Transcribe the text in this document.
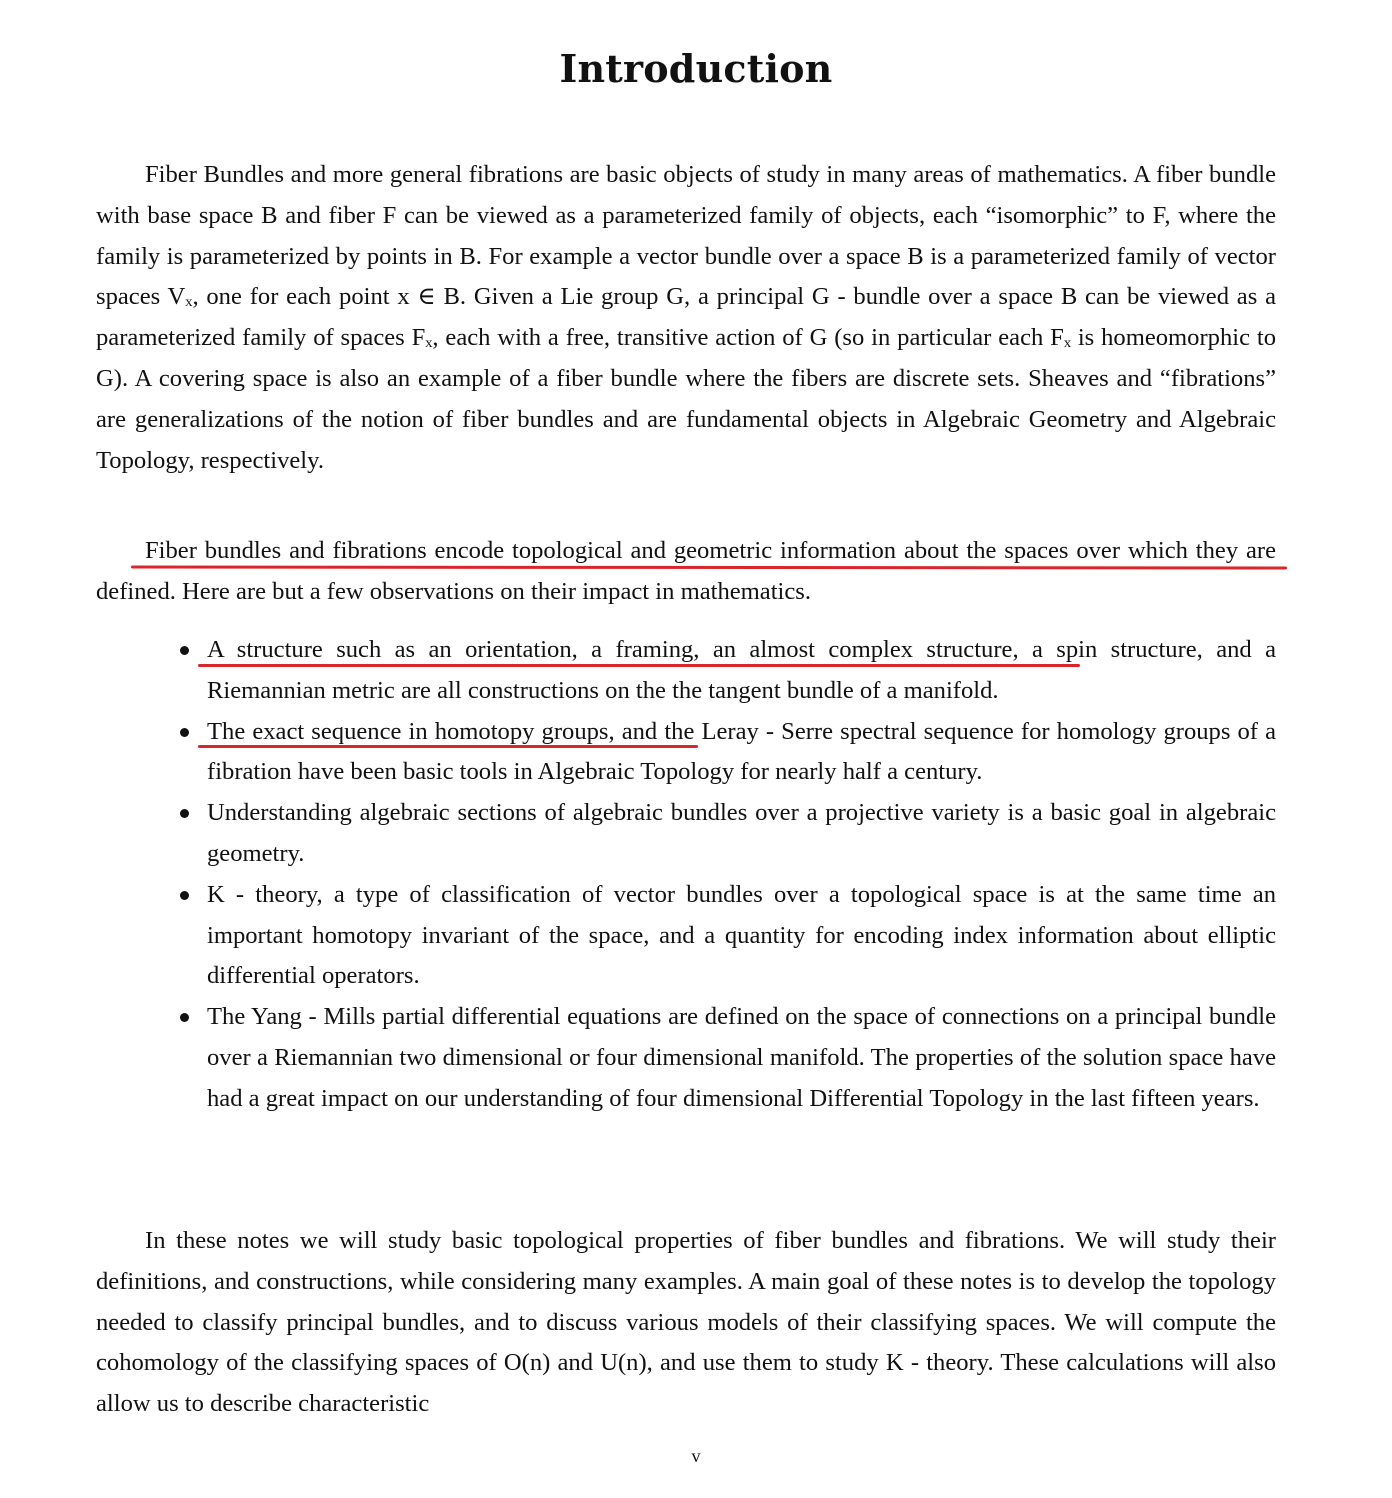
Introduction

Fiber Bundles and more general fibrations are basic objects of study in many areas of mathematics. A fiber bundle with base space B and fiber F can be viewed as a parameterized family of objects, each “isomorphic” to F, where the family is parameterized by points in B. For example a vector bundle over a space B is a parameterized family of vector spaces Vₓ, one for each point x ∈ B. Given a Lie group G, a principal G - bundle over a space B can be viewed as a parameterized family of spaces Fₓ, each with a free, transitive action of G (so in particular each Fₓ is homeomorphic to G). A covering space is also an example of a fiber bundle where the fibers are discrete sets. Sheaves and “fibrations” are generalizations of the notion of fiber bundles and are fundamental objects in Algebraic Geometry and Algebraic Topology, respectively.

Fiber bundles and fibrations encode topological and geometric information about the spaces over which they are defined. Here are but a few observations on their impact in mathematics.

A structure such as an orientation, a framing, an almost complex structure, a spin structure, and a Riemannian metric are all constructions on the the tangent bundle of a manifold.
The exact sequence in homotopy groups, and the Leray - Serre spectral sequence for homology groups of a fibration have been basic tools in Algebraic Topology for nearly half a century.
Understanding algebraic sections of algebraic bundles over a projective variety is a basic goal in algebraic geometry.
K - theory, a type of classification of vector bundles over a topological space is at the same time an important homotopy invariant of the space, and a quantity for encoding index information about elliptic differential operators.
The Yang - Mills partial differential equations are defined on the space of connections on a principal bundle over a Riemannian two dimensional or four dimensional manifold. The properties of the solution space have had a great impact on our understanding of four dimensional Differential Topology in the last fifteen years.

In these notes we will study basic topological properties of fiber bundles and fibrations. We will study their definitions, and constructions, while considering many examples. A main goal of these notes is to develop the topology needed to classify principal bundles, and to discuss various models of their classifying spaces. We will compute the cohomology of the classifying spaces of O(n) and U(n), and use them to study K - theory. These calculations will also allow us to describe characteristic

v
